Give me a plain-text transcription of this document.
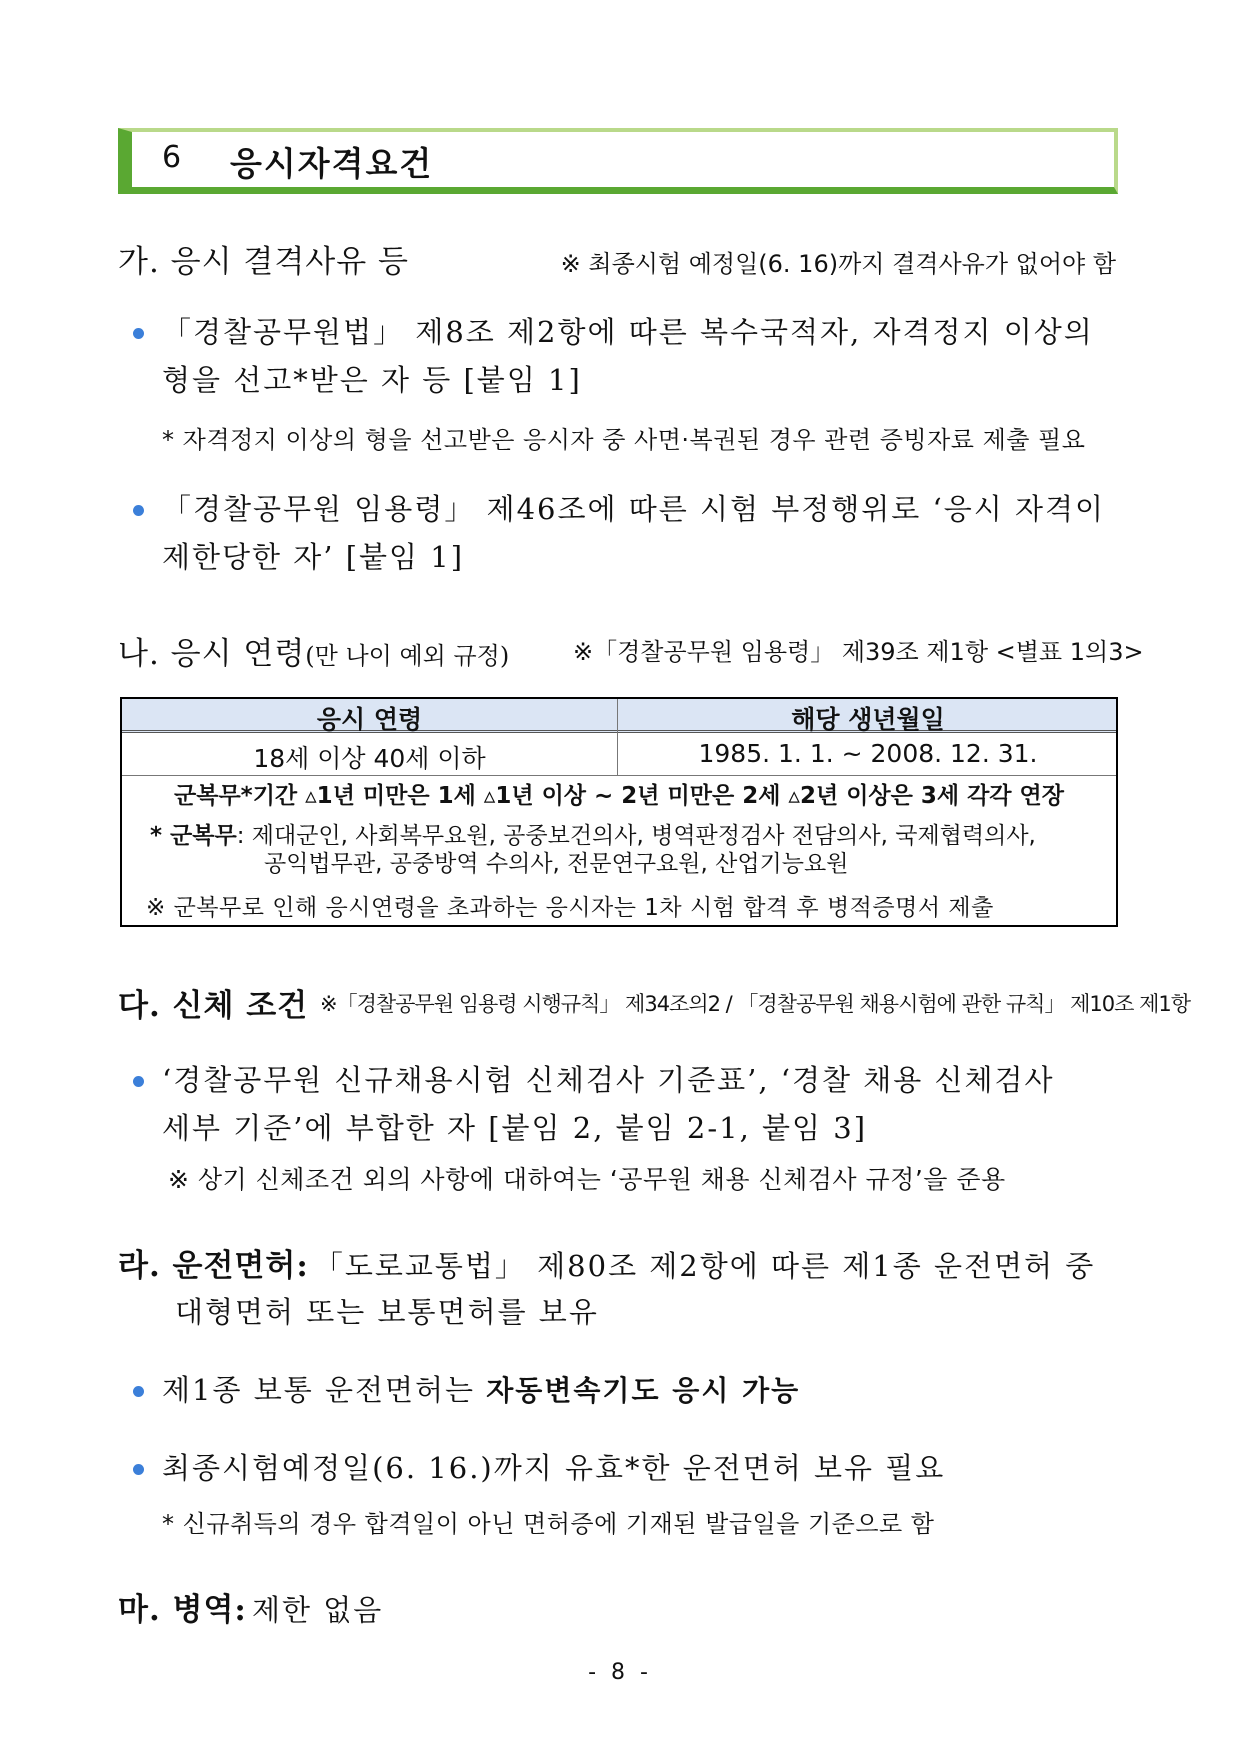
6 응시자격요건
가. 응시 결격사유 등	※ 최종시험 예정일(6. 16)까지 결격사유가 없어야 함
「경찰공무원법」 제8조 제2항에 따른 복수국적자, 자격정지 이상의
형을 선고*받은 자 등 [붙임 1]
* 자격정지 이상의 형을 선고받은 응시자 중 사면·복권된 경우 관련 증빙자료 제출 필요
「경찰공무원 임용령」 제46조에 따른 시험 부정행위로 ‘응시 자격이
제한당한 자’ [붙임 1]
나. 응시 연령(만 나이 예외 규정)	※「경찰공무원 임용령」 제39조 제1항 <별표 1의3>
응시 연령	해당 생년월일
18세 이상 40세 이하	1985. 1. 1. ~ 2008. 12. 31.
군복무*기간 ▵1년 미만은 1세 ▵1년 이상 ~ 2년 미만은 2세 ▵2년 이상은 3세 각각 연장
* 군복무: 제대군인, 사회복무요원, 공중보건의사, 병역판정검사 전담의사, 국제협력의사,
공익법무관, 공중방역 수의사, 전문연구요원, 산업기능요원
※ 군복무로 인해 응시연령을 초과하는 응시자는 1차 시험 합격 후 병적증명서 제출
다. 신체 조건 ※「경찰공무원 임용령 시행규칙」 제34조의2 / 「경찰공무원 채용시험에 관한 규칙」 제10조 제1항
‘경찰공무원 신규채용시험 신체검사 기준표’, ‘경찰 채용 신체검사
세부 기준’에 부합한 자 [붙임 2, 붙임 2-1, 붙임 3]
※ 상기 신체조건 외의 사항에 대하여는 ‘공무원 채용 신체검사 규정’을 준용
라. 운전면허: 「도로교통법」 제80조 제2항에 따른 제1종 운전면허 중
대형면허 또는 보통면허를 보유
제1종 보통 운전면허는 자동변속기도 응시 가능
최종시험예정일(6. 16.)까지 유효*한 운전면허 보유 필요
* 신규취득의 경우 합격일이 아닌 면허증에 기재된 발급일을 기준으로 함
마. 병역: 제한 없음
- 8 -
